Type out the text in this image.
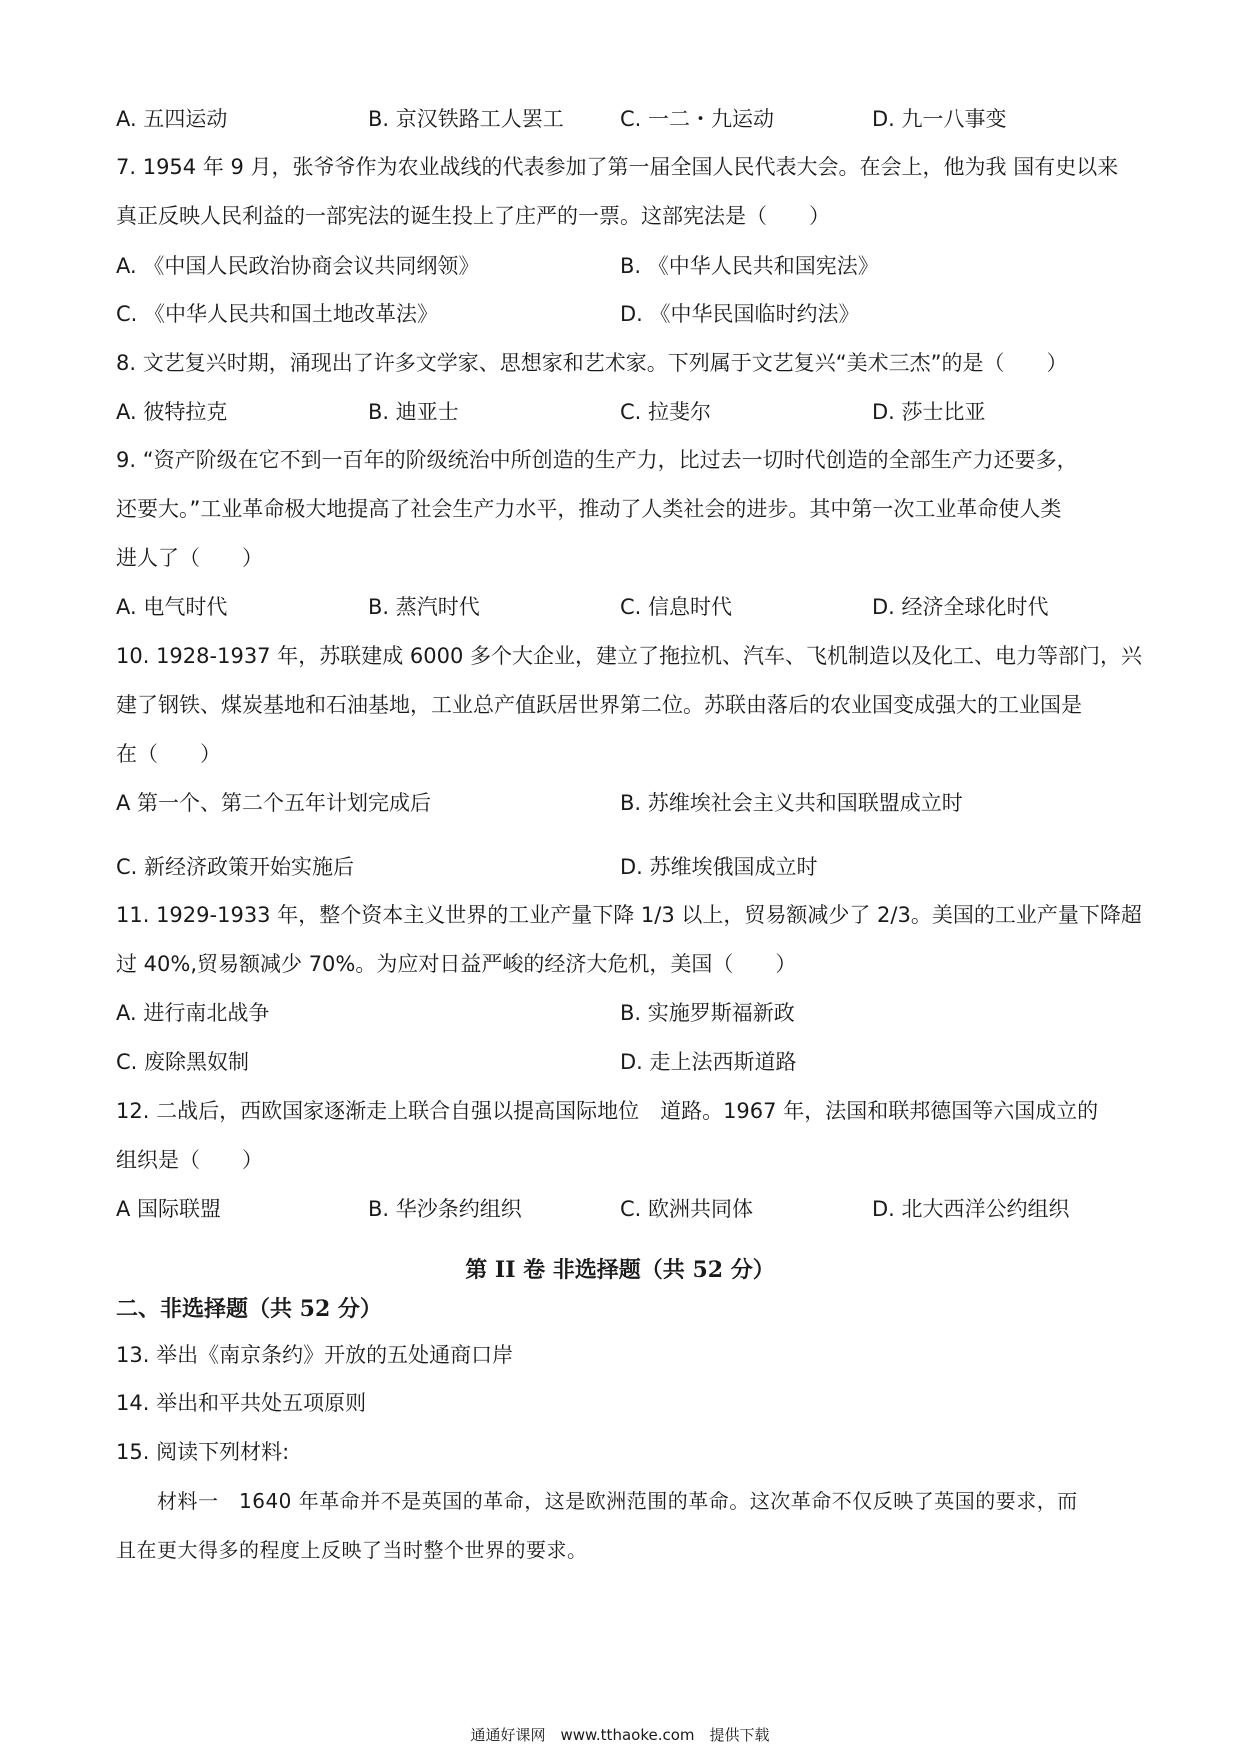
A. 五四运动	B. 京汉铁路工人罢工	C. 一二・九运动	D. 九一八事变
7. 1954 年 9 月，张爷爷作为农业战线的代表参加了第一届全国人民代表大会。在会上，他为我 国有史以来
真正反映人民利益的一部宪法的诞生投上了庄严的一票。这部宪法是（　　）
A. 《中国人民政治协商会议共同纲领》	B. 《中华人民共和国宪法》
C. 《中华人民共和国土地改革法》	D. 《中华民国临时约法》
8. 文艺复兴时期，涌现出了许多文学家、思想家和艺术家。下列属于文艺复兴“美术三杰”的是（　　）
A. 彼特拉克	B. 迪亚士	C. 拉斐尔	D. 莎士比亚
9. “资产阶级在它不到一百年的阶级统治中所创造的生产力，比过去一切时代创造的全部生产力还要多，
还要大。”工业革命极大地提高了社会生产力水平，推动了人类社会的进步。其中第一次工业革命使人类
进人了（　　）
A. 电气时代	B. 蒸汽时代	C. 信息时代	D. 经济全球化时代
10. 1928-1937 年，苏联建成 6000 多个大企业，建立了拖拉机、汽车、飞机制造以及化工、电力等部门，兴
建了钢铁、煤炭基地和石油基地，工业总产值跃居世界第二位。苏联由落后的农业国变成强大的工业国是
在（　　）
A 第一个、第二个五年计划完成后	B. 苏维埃社会主义共和国联盟成立时
C. 新经济政策开始实施后	D. 苏维埃俄国成立时
11. 1929-1933 年，整个资本主义世界的工业产量下降 1/3 以上，贸易额减少了 2/3。美国的工业产量下降超
过 40%,贸易额减少 70%。为应对日益严峻的经济大危机，美国（　　）
A. 进行南北战争	B. 实施罗斯福新政
C. 废除黑奴制	D. 走上法西斯道路
12. 二战后，西欧国家逐渐走上联合自强以提高国际地位　道路。1967 年，法国和联邦德国等六国成立的
组织是（　　）
A 国际联盟	B. 华沙条约组织	C. 欧洲共同体	D. 北大西洋公约组织
第 II 卷 非选择题（共 52 分）
二、非选择题（共 52 分）
13. 举出《南京条约》开放的五处通商口岸
14. 举出和平共处五项原则
15. 阅读下列材料:
　　材料一　1640 年革命并不是英国的革命，这是欧洲范围的革命。这次革命不仅反映了英国的要求，而
且在更大得多的程度上反映了当时整个世界的要求。
通通好课网　www.tthaoke.com　提供下载
